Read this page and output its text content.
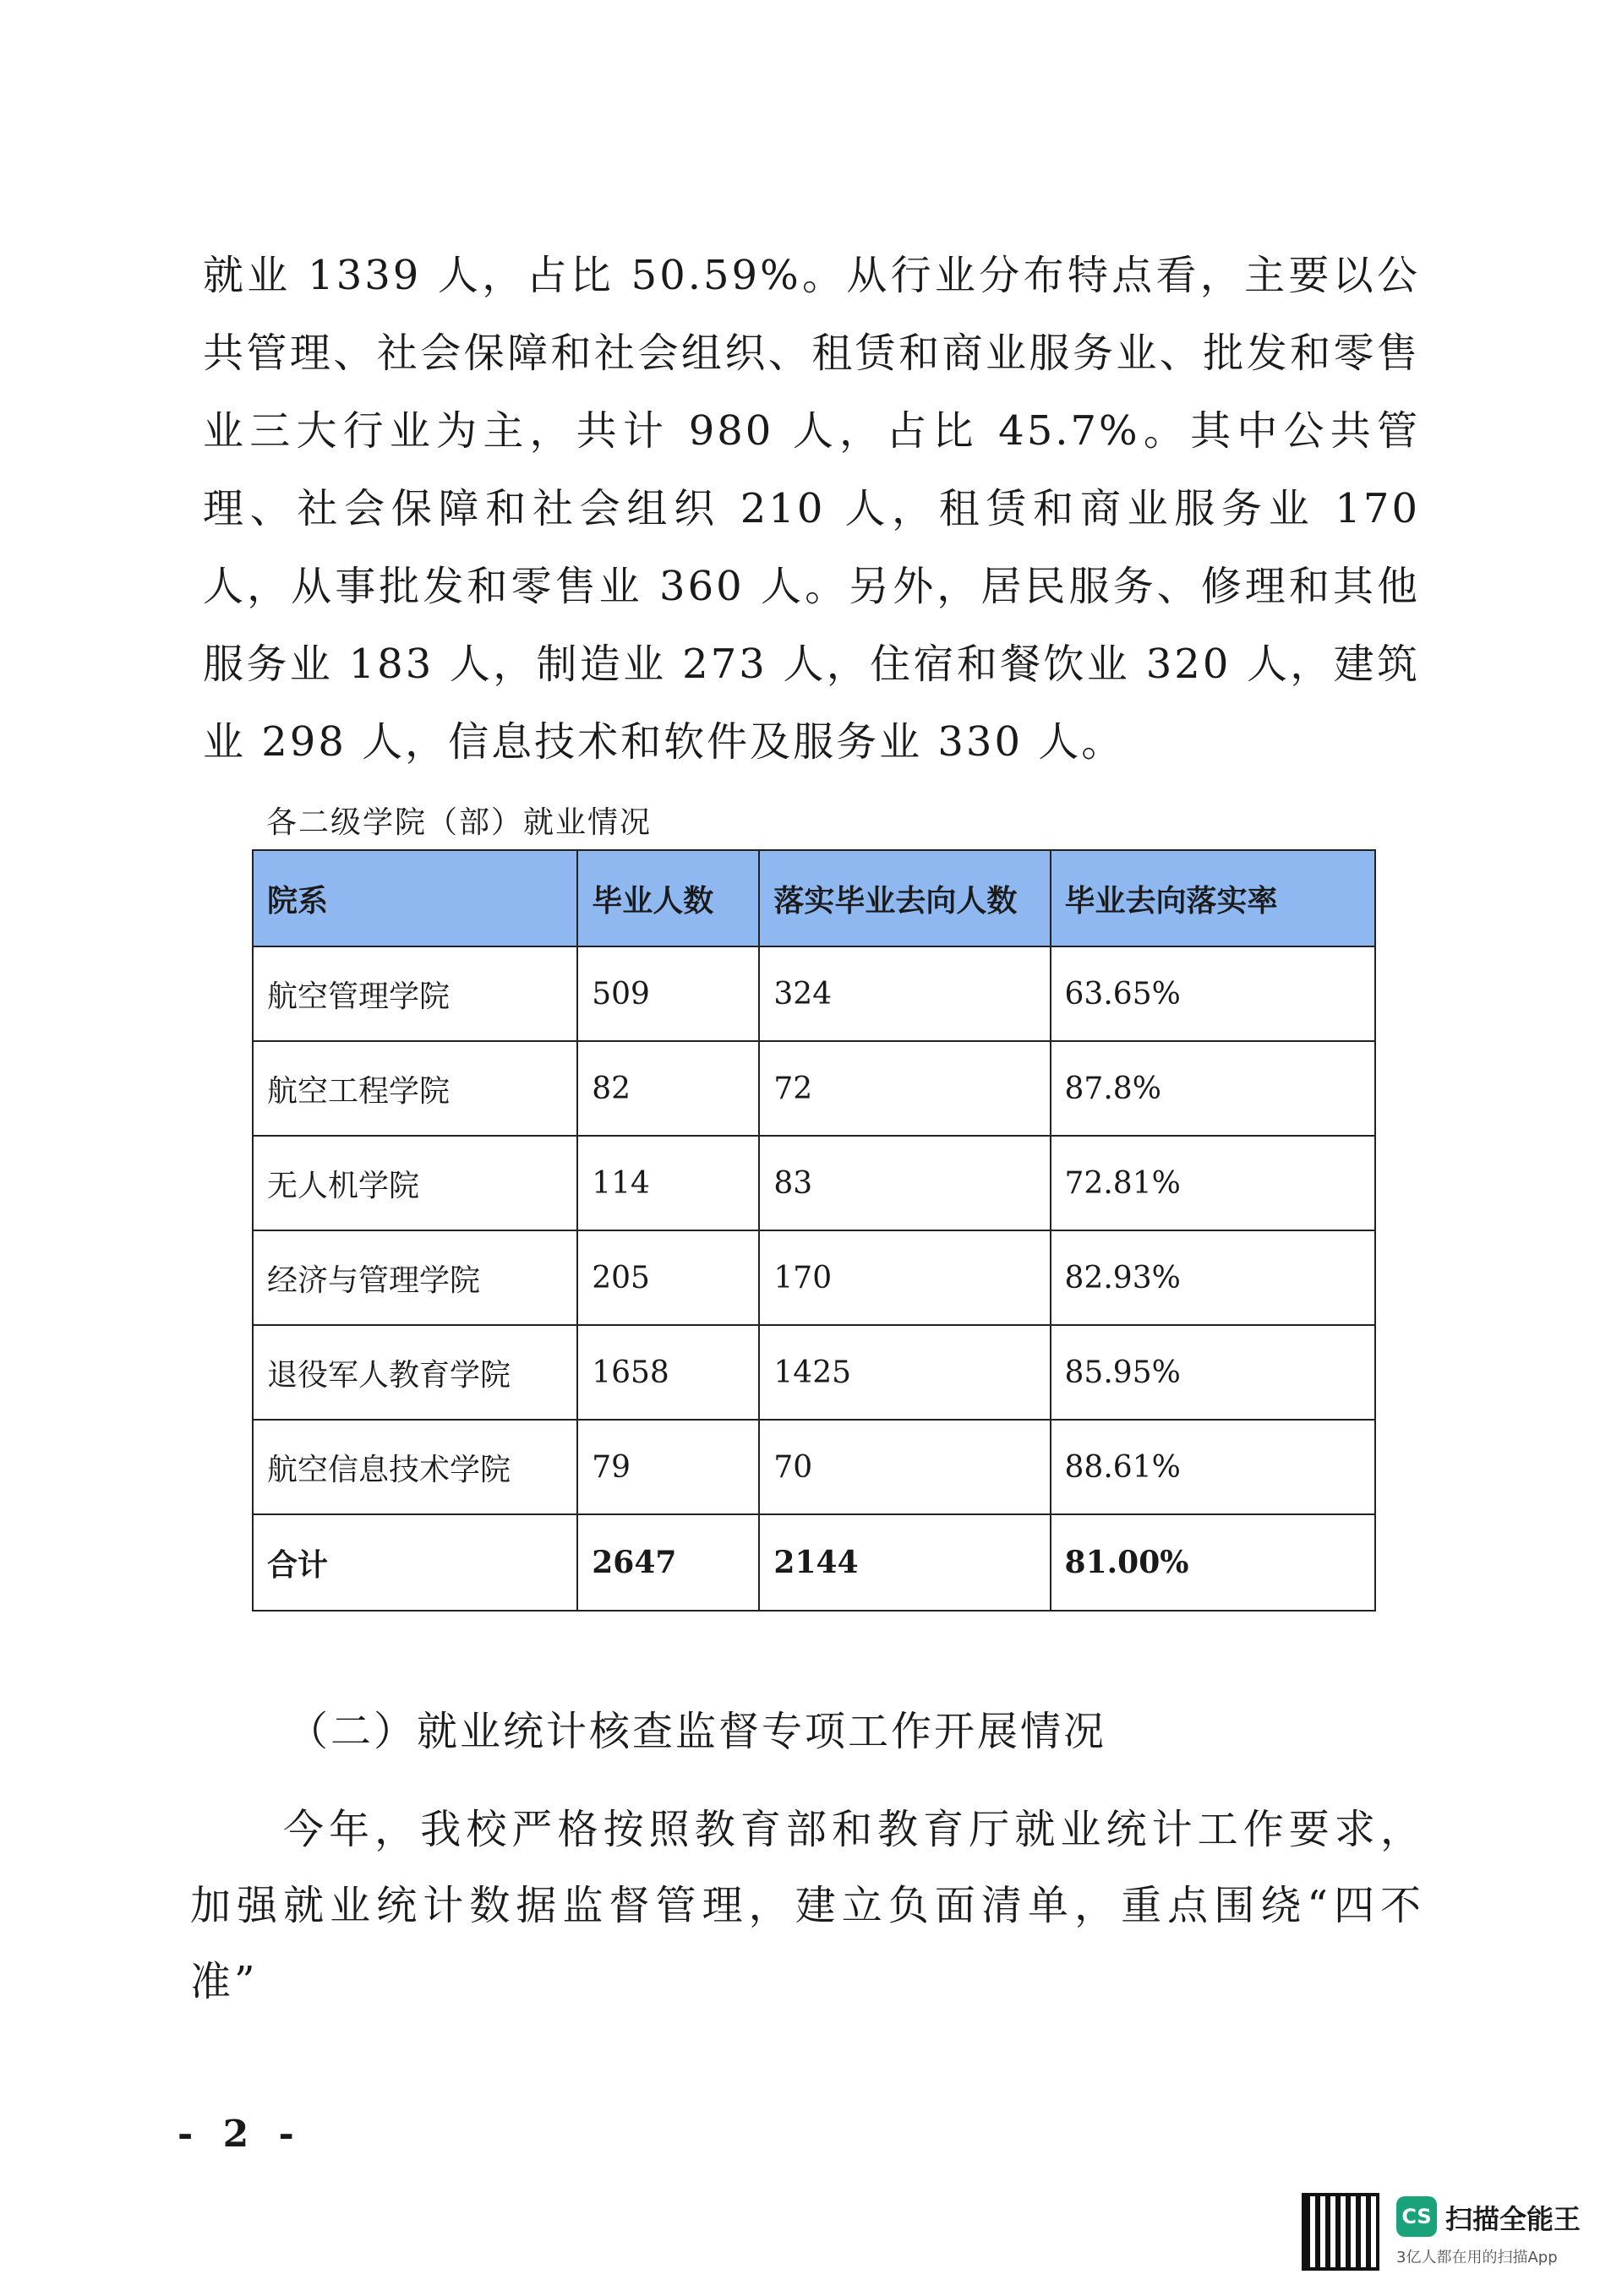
就业 1339 人，占比 50.59%。从行业分布特点看，主要以公共管理、社会保障和社会组织、租赁和商业服务业、批发和零售业三大行业为主，共计 980 人，占比 45.7%。其中公共管理、社会保障和社会组织 210 人，租赁和商业服务业 170 人，从事批发和零售业 360 人。另外，居民服务、修理和其他服务业 183 人，制造业 273 人，住宿和餐饮业 320 人，建筑业 298 人，信息技术和软件及服务业 330 人。

各二级学院（部）就业情况
院系	毕业人数	落实毕业去向人数	毕业去向落实率
航空管理学院	509	324	63.65%
航空工程学院	82	72	87.8%
无人机学院	114	83	72.81%
经济与管理学院	205	170	82.93%
退役军人教育学院	1658	1425	85.95%
航空信息技术学院	79	70	88.61%
合计	2647	2144	81.00%
（二）就业统计核查监督专项工作开展情况

今年，我校严格按照教育部和教育厅就业统计工作要求，加强就业统计数据监督管理，建立负面清单，重点围绕“四不准”

- 2 -
CS 扫描全能王
3亿人都在用的扫描App
